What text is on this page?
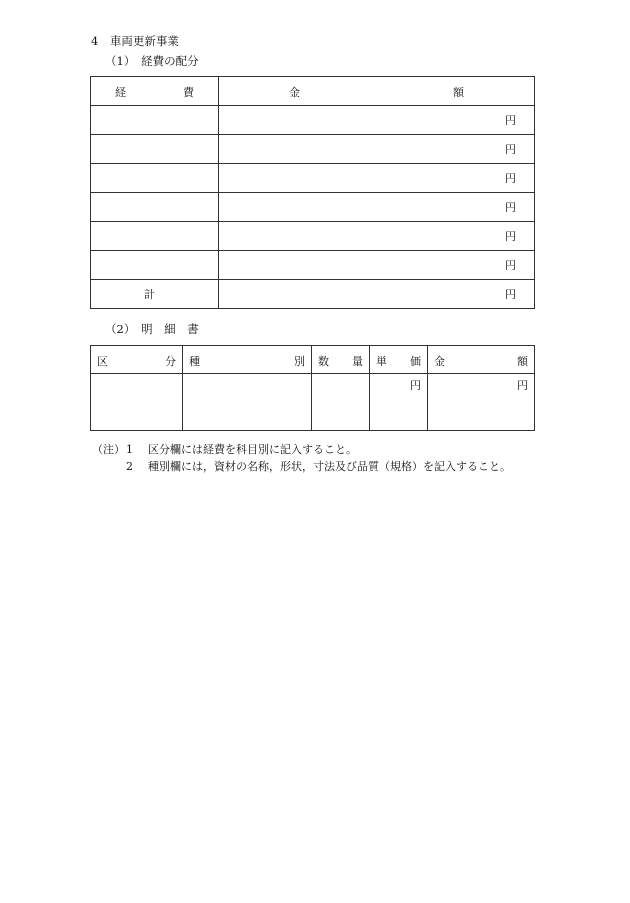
4　車両更新事業
（1）　経費の配分
経 費	金 額

	円
	円
	円
	円
	円
	円
計	円
（2）　明　細　書
区 分	種 別	数 量	単 価	金 額

			円	円
（注） 1 区分欄には経費を科目別に記入すること。
2 種別欄には，資材の名称，形状，寸法及び品質（規格）を記入すること。
